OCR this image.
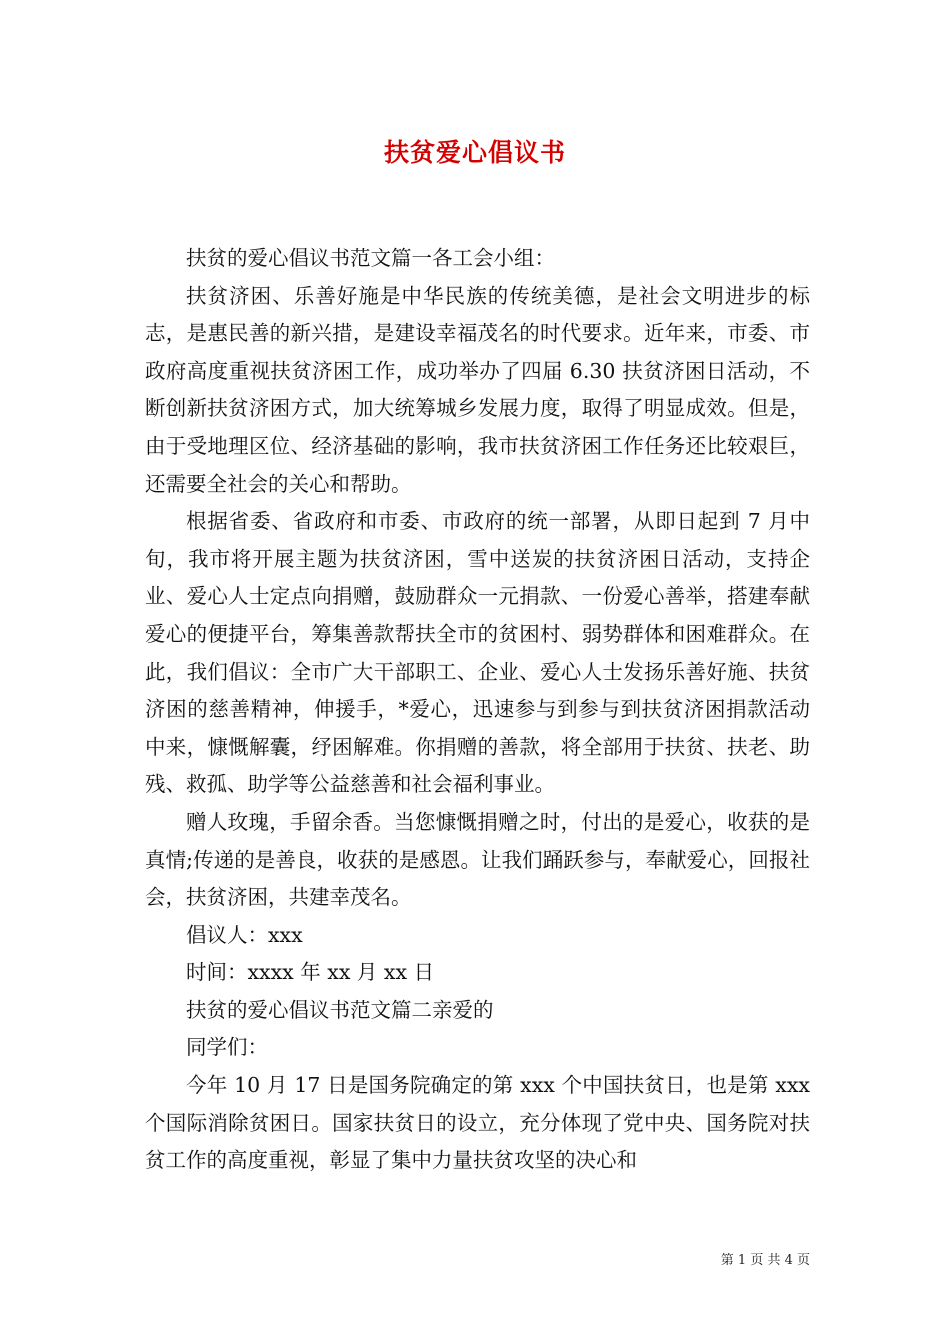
扶贫爱心倡议书

扶贫的爱心倡议书范文篇一各工会小组：

扶贫济困、乐善好施是中华民族的传统美德，是社会文明进步的标志，是惠民善的新兴措，是建设幸福茂名的时代要求。近年来，市委、市政府高度重视扶贫济困工作，成功举办了四届 6.30 扶贫济困日活动，不断创新扶贫济困方式，加大统筹城乡发展力度，取得了明显成效。但是，由于受地理区位、经济基础的影响，我市扶贫济困工作任务还比较艰巨，还需要全社会的关心和帮助。

根据省委、省政府和市委、市政府的统一部署，从即日起到 7 月中旬，我市将开展主题为扶贫济困，雪中送炭的扶贫济困日活动，支持企业、爱心人士定点向捐赠，鼓励群众一元捐款、一份爱心善举，搭建奉献爱心的便捷平台，筹集善款帮扶全市的贫困村、弱势群体和困难群众。在此，我们倡议：全市广大干部职工、企业、爱心人士发扬乐善好施、扶贫济困的慈善精神，伸援手，*爱心，迅速参与到参与到扶贫济困捐款活动中来，慷慨解囊，纾困解难。你捐赠的善款，将全部用于扶贫、扶老、助残、救孤、助学等公益慈善和社会福利事业。

赠人玫瑰，手留余香。当您慷慨捐赠之时，付出的是爱心，收获的是真情;传递的是善良，收获的是感恩。让我们踊跃参与，奉献爱心，回报社会，扶贫济困，共建幸茂名。

倡议人：xxx

时间：xxxx 年 xx 月 xx 日

扶贫的爱心倡议书范文篇二亲爱的

同学们：

今年 10 月 17 日是国务院确定的第 xxx 个中国扶贫日，也是第 xxx 个国际消除贫困日。国家扶贫日的设立，充分体现了党中央、国务院对扶贫工作的高度重视，彰显了集中力量扶贫攻坚的决心和

第 1 页 共 4 页
